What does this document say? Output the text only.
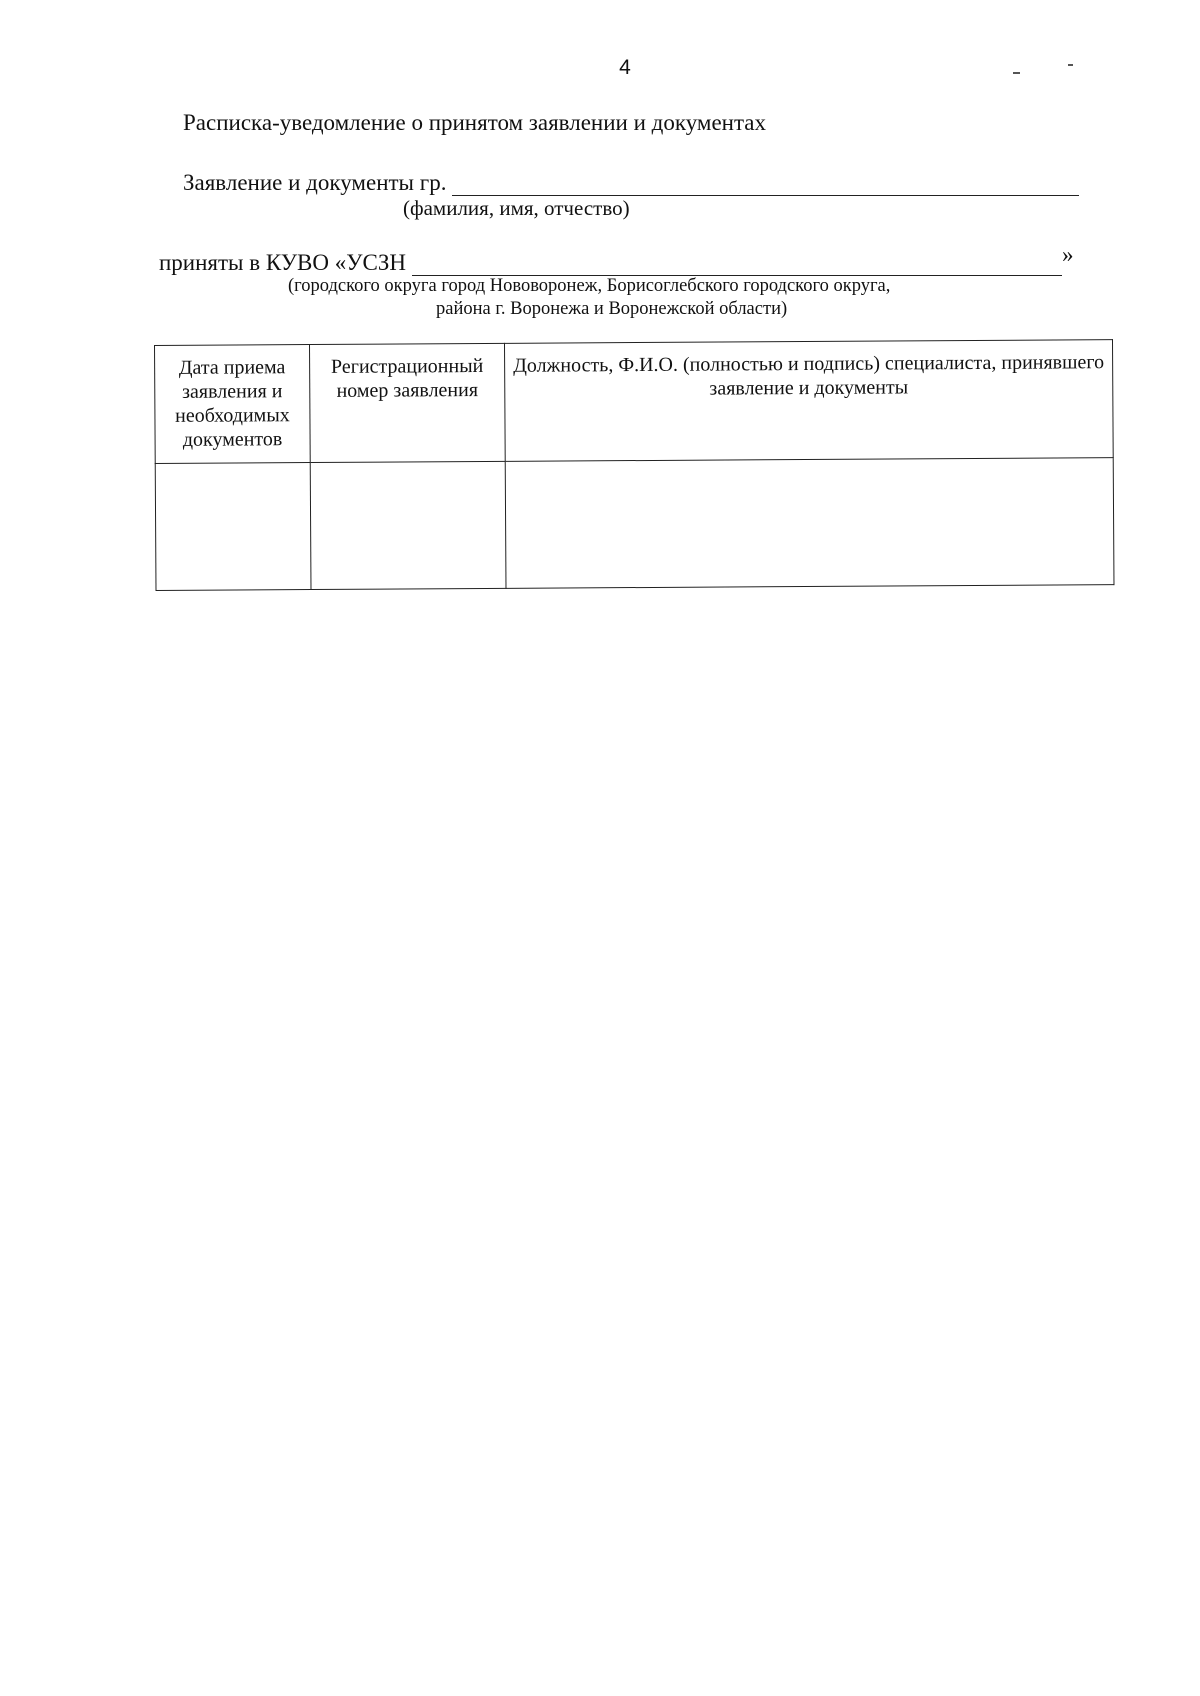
4
Расписка-уведомление о принятом заявлении и документах
Заявление и документы гр.
(фамилия, имя, отчество)
приняты в КУВО «УСЗН	»
(городского округа город Нововоронеж, Борисоглебского городского округа,
района г. Воронежа и Воронежской области)
Дата приема заявления и необходимых документов	Регистрационный номер заявления	Должность, Ф.И.О. (полностью и подпись) специалиста, принявшего заявление и документы
